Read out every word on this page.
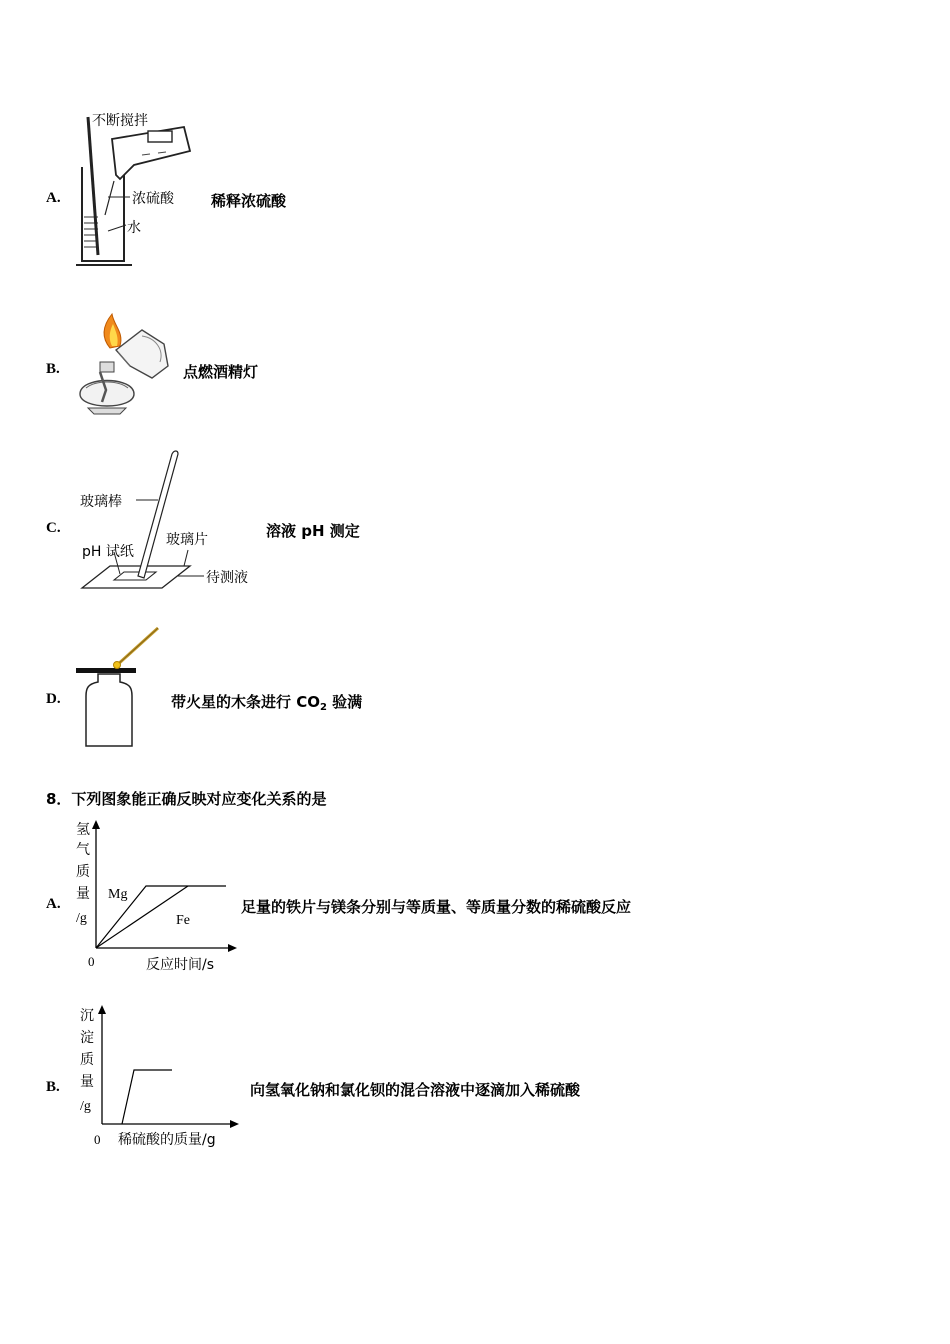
A.
不断搅拌
浓硫酸
水
稀释浓硫酸
B.	点燃酒精灯
C.
玻璃棒
pH 试纸
玻璃片
待测液
溶液 pH 测定
D.	带火星的木条进行 $CO_2$ 验满
8．下列图象能正确反映对应变化关系的是
A.
氢
气
质
量
/g
0	反应时间/s
Mg
Fe
足量的铁片与镁条分别与等质量、等质量分数的稀硫酸反应
B.
沉
淀
质
量
/g
0 稀硫酸的质量/g
向氢氧化钠和氯化钡的混合溶液中逐滴加入稀硫酸
